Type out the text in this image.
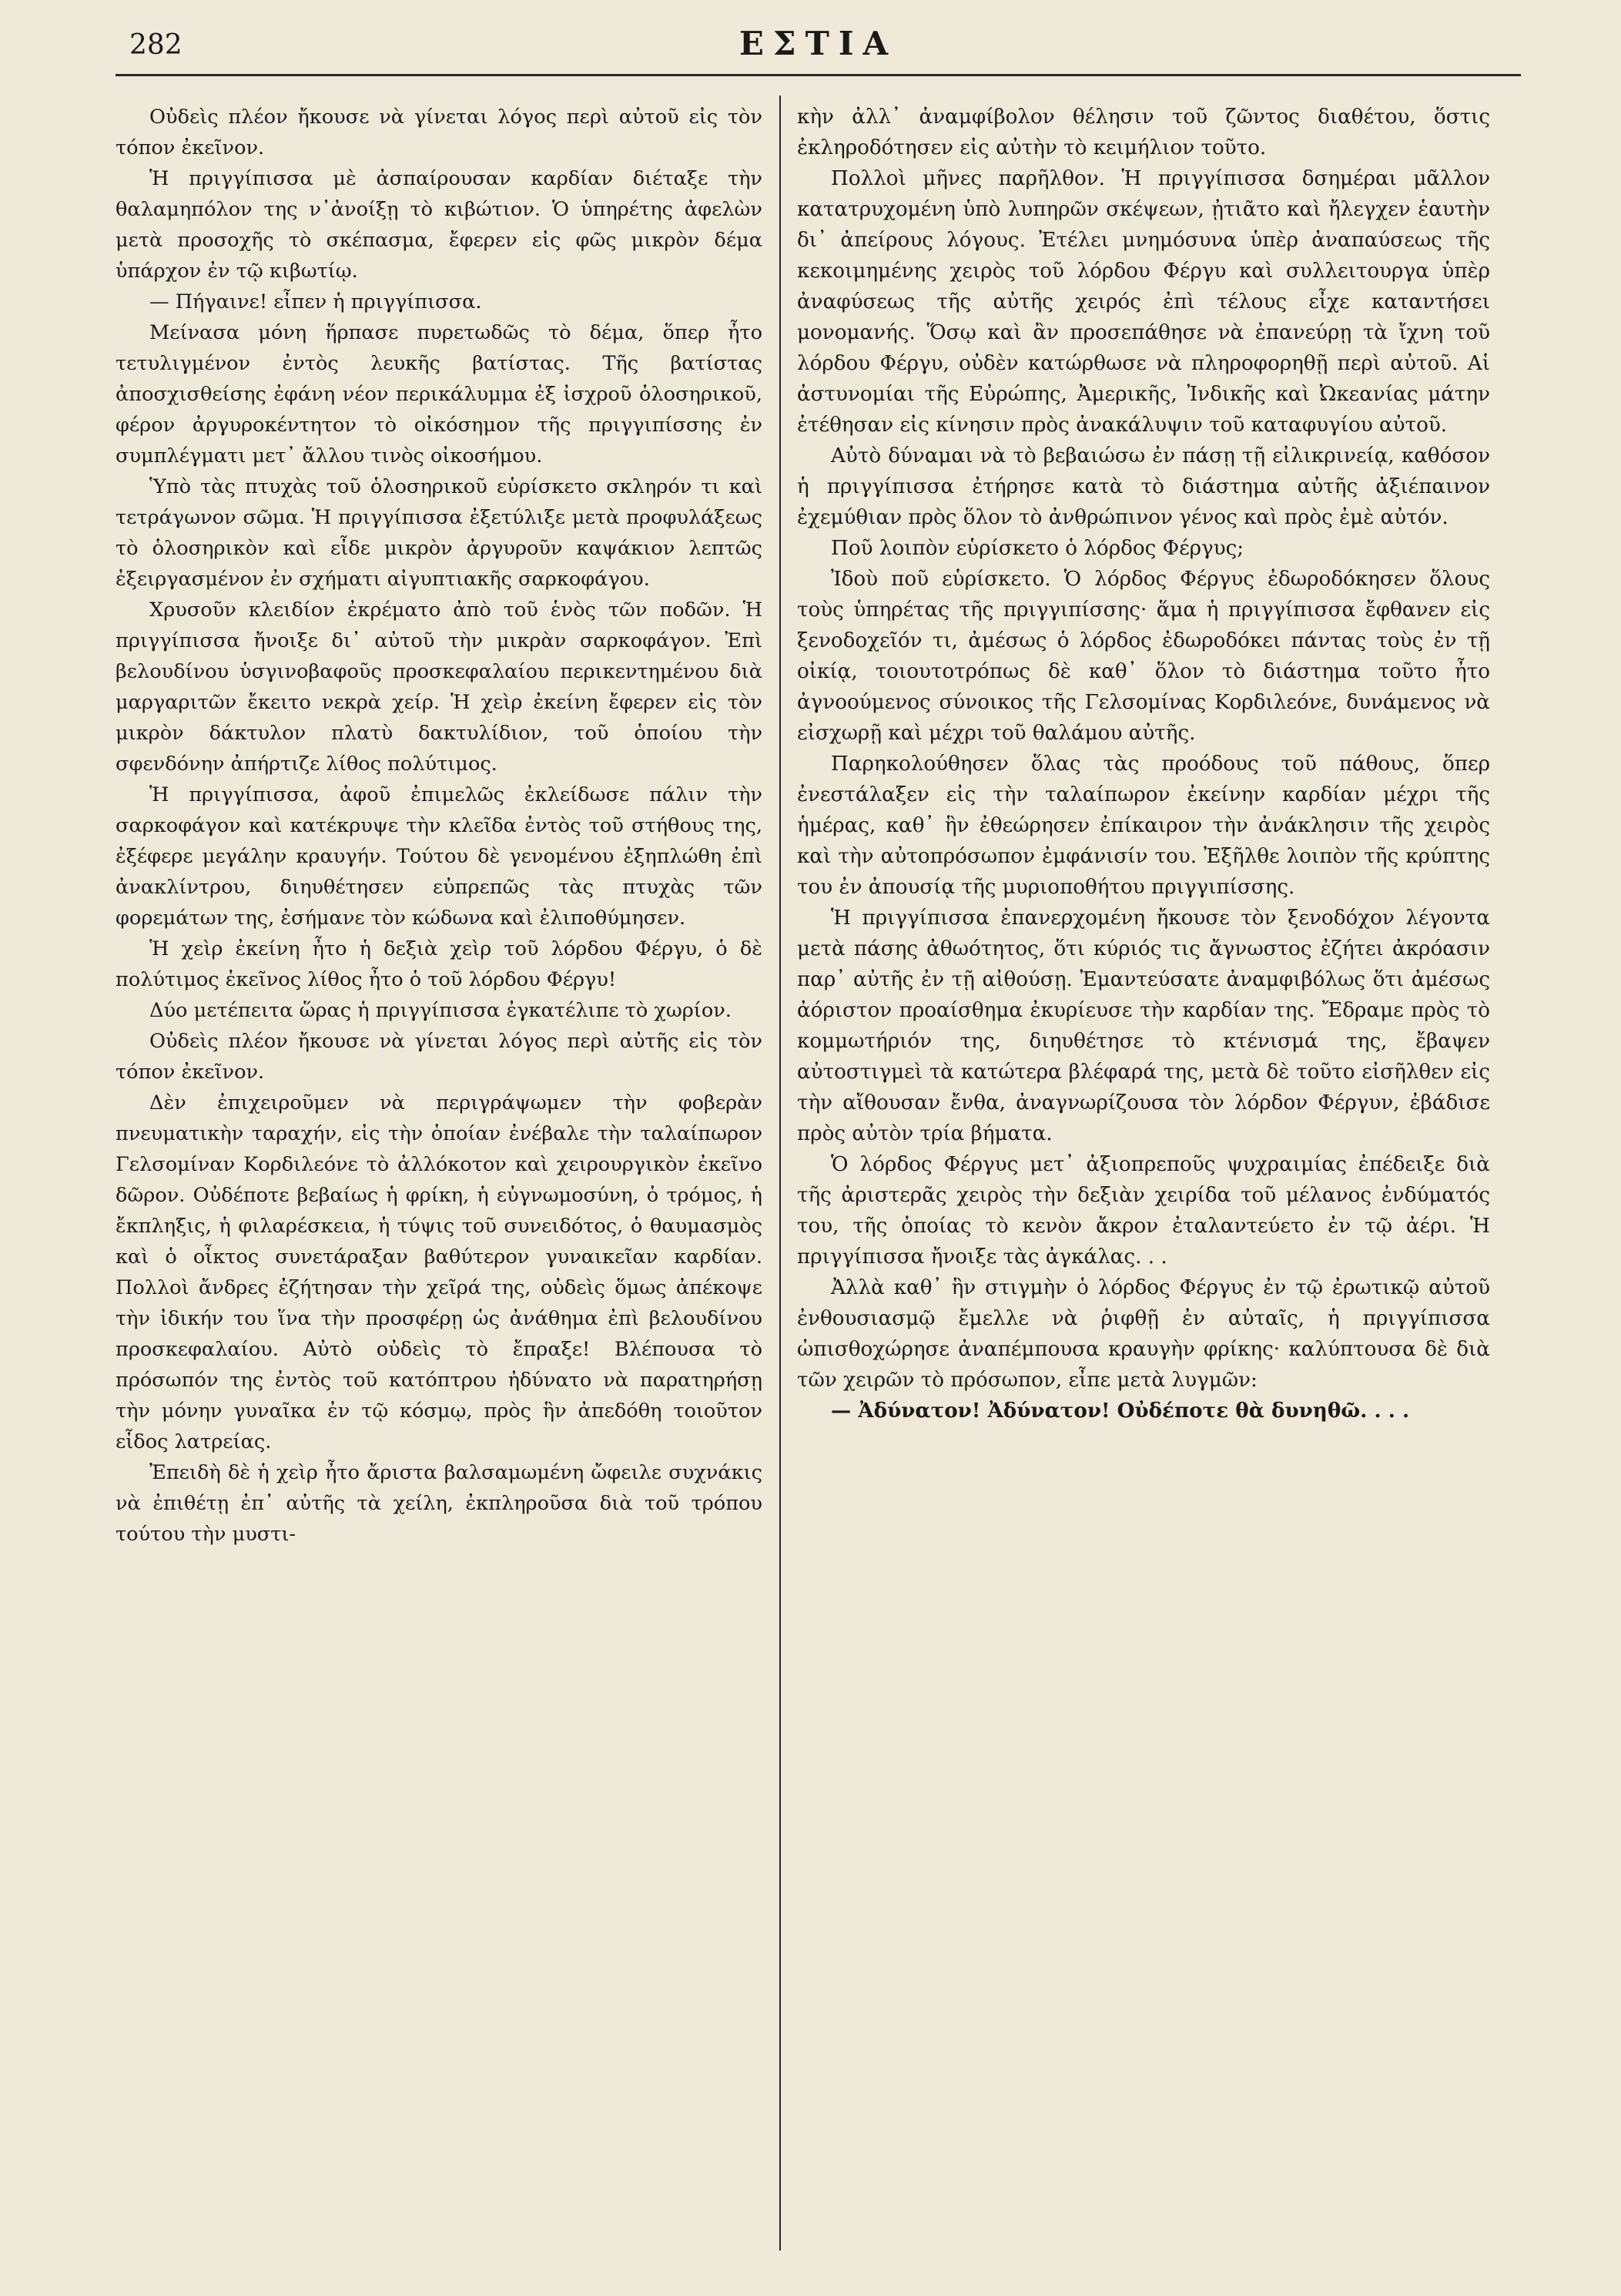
282	ΕΣΤΙΑ

Οὐδεὶς πλέον ἤκουσε νὰ γίνεται λόγος περὶ αὐτοῦ εἰς τὸν τόπον ἐκεῖνον.

Ἡ πριγγίπισσα μὲ ἀσπαίρουσαν καρδίαν διέταξε τὴν θαλαμηπόλον της ν᾽ἀνοίξῃ τὸ κιβώτιον. Ὁ ὑπηρέτης ἀφελὼν μετὰ προσοχῆς τὸ σκέπασμα, ἔφερεν εἰς φῶς μικρὸν δέμα ὑπάρχον ἐν τῷ κιβωτίῳ.

— Πήγαινε! εἶπεν ἡ πριγγίπισσα.

Μείνασα μόνη ἥρπασε πυρετωδῶς τὸ δέμα, ὅπερ ἦτο τετυλιγμένον ἐντὸς λευκῆς βατίστας. Τῆς βατίστας ἀποσχισθείσης ἐφάνη νέον περικάλυμμα ἐξ ἰσχροῦ ὁλοσηρικοῦ, φέρον ἀργυροκέντητον τὸ οἰκόσημον τῆς πριγγιπίσσης ἐν συμπλέγματι μετ᾽ ἄλλου τινὸς οἰκοσήμου.

Ὑπὸ τὰς πτυχὰς τοῦ ὁλοσηρικοῦ εὑρίσκετο σκληρόν τι καὶ τετράγωνον σῶμα. Ἡ πριγγίπισσα ἐξετύλιξε μετὰ προφυλάξεως τὸ ὁλοσηρικὸν καὶ εἶδε μικρὸν ἀργυροῦν καψάκιον λεπτῶς ἐξειργασμένον ἐν σχήματι αἰγυπτιακῆς σαρκοφάγου.

Χρυσοῦν κλειδίον ἐκρέματο ἀπὸ τοῦ ἑνὸς τῶν ποδῶν. Ἡ πριγγίπισσα ἤνοιξε δι᾽ αὐτοῦ τὴν μικρὰν σαρκοφάγον. Ἐπὶ βελουδίνου ὑσγινοβαφοῦς προσκεφαλαίου περικεντημένου διὰ μαργαριτῶν ἔκειτο νεκρὰ χείρ. Ἡ χεὶρ ἐκείνη ἔφερεν εἰς τὸν μικρὸν δάκτυλον πλατὺ δακτυλίδιον, τοῦ ὁποίου τὴν σφενδόνην ἀπήρτιζε λίθος πολύτιμος.

Ἡ πριγγίπισσα, ἀφοῦ ἐπιμελῶς ἐκλείδωσε πάλιν τὴν σαρκοφάγον καὶ κατέκρυψε τὴν κλεῖδα ἐντὸς τοῦ στήθους της, ἐξέφερε μεγάλην κραυγήν. Τούτου δὲ γενομένου ἐξηπλώθη ἐπὶ ἀνακλίντρου, διηυθέτησεν εὐπρεπῶς τὰς πτυχὰς τῶν φορεμάτων της, ἐσήμανε τὸν κώδωνα καὶ ἐλιποθύμησεν.

Ἡ χεὶρ ἐκείνη ἦτο ἡ δεξιὰ χεὶρ τοῦ λόρδου Φέργυ, ὁ δὲ πολύτιμος ἐκεῖνος λίθος ἦτο ὁ τοῦ λόρδου Φέργυ!

Δύο μετέπειτα ὥρας ἡ πριγγίπισσα ἐγκατέλιπε τὸ χωρίον.

Οὐδεὶς πλέον ἤκουσε νὰ γίνεται λόγος περὶ αὐτῆς εἰς τὸν τόπον ἐκεῖνον.

Δὲν ἐπιχειροῦμεν νὰ περιγράψωμεν τὴν φοβερὰν πνευματικὴν ταραχήν, εἰς τὴν ὁποίαν ἐνέβαλε τὴν ταλαίπωρον Γελσομίναν Κορδιλεόνε τὸ ἀλλόκοτον καὶ χειρουργικὸν ἐκεῖνο δῶρον. Οὐδέποτε βεβαίως ἡ φρίκη, ἡ εὐγνωμοσύνη, ὁ τρόμος, ἡ ἔκπληξις, ἡ φιλαρέσκεια, ἡ τύψις τοῦ συνειδότος, ὁ θαυμασμὸς καὶ ὁ οἶκτος συνετάραξαν βαθύτερον γυναικεῖαν καρδίαν. Πολλοὶ ἄνδρες ἐζήτησαν τὴν χεῖρά της, οὐδεὶς ὅμως ἀπέκοψε τὴν ἰδικήν του ἵνα τὴν προσφέρῃ ὡς ἀνάθημα ἐπὶ βελουδίνου προσκεφαλαίου. Αὐτὸ οὐδεὶς τὸ ἔπραξε! Βλέπουσα τὸ πρόσωπόν της ἐντὸς τοῦ κατόπτρου ἠδύνατο νὰ παρατηρήσῃ τὴν μόνην γυναῖκα ἐν τῷ κόσμῳ, πρὸς ἣν ἀπεδόθη τοιοῦτον εἶδος λατρείας.

Ἐπειδὴ δὲ ἡ χεὶρ ἦτο ἄριστα βαλσαμωμένη ὤφειλε συχνάκις νὰ ἐπιθέτῃ ἐπ᾽ αὐτῆς τὰ χείλη, ἐκπληροῦσα διὰ τοῦ τρόπου τούτου τὴν μυστι-

κὴν ἀλλ᾽ ἀναμφίβολον θέλησιν τοῦ ζῶντος διαθέτου, ὅστις ἐκληροδότησεν εἰς αὐτὴν τὸ κειμήλιον τοῦτο.

Πολλοὶ μῆνες παρῆλθον. Ἡ πριγγίπισσα δσημέραι μᾶλλον κατατρυχομένη ὑπὸ λυπηρῶν σκέψεων, ᾐτιᾶτο καὶ ἤλεγχεν ἑαυτὴν δι᾽ ἀπείρους λόγους. Ἐτέλει μνημόσυνα ὑπὲρ ἀναπαύσεως τῆς κεκοιμημένης χειρὸς τοῦ λόρδου Φέργυ καὶ συλλειτουργα ὑπὲρ ἀναφύσεως τῆς αὐτῆς χειρός ἐπὶ τέλους εἶχε καταντήσει μονομανής. Ὅσῳ καὶ ἂν προσεπάθησε νὰ ἐπανεύρῃ τὰ ἴχνη τοῦ λόρδου Φέργυ, οὐδὲν κατώρθωσε νὰ πληροφορηθῇ περὶ αὐτοῦ. Αἱ ἀστυνομίαι τῆς Εὐρώπης, Ἀμερικῆς, Ἰνδικῆς καὶ Ὠκεανίας μάτην ἐτέθησαν εἰς κίνησιν πρὸς ἀνακάλυψιν τοῦ καταφυγίου αὐτοῦ.

Αὐτὸ δύναμαι νὰ τὸ βεβαιώσω ἐν πάσῃ τῇ εἰλικρινείᾳ, καθόσον ἡ πριγγίπισσα ἐτήρησε κατὰ τὸ διάστημα αὐτῆς ἀξιέπαινον ἐχεμύθιαν πρὸς ὅλον τὸ ἀνθρώπινον γένος καὶ πρὸς ἐμὲ αὐτόν.

Ποῦ λοιπὸν εὑρίσκετο ὁ λόρδος Φέργυς;

Ἰδοὺ ποῦ εὑρίσκετο. Ὁ λόρδος Φέργυς ἐδωροδόκησεν ὅλους τοὺς ὑπηρέτας τῆς πριγγιπίσσης· ἅμα ἡ πριγγίπισσα ἔφθανεν εἰς ξενοδοχεῖόν τι, ἀμέσως ὁ λόρδος ἐδωροδόκει πάντας τοὺς ἐν τῇ οἰκίᾳ, τοιουτοτρόπως δὲ καθ᾽ ὅλον τὸ διάστημα τοῦτο ἦτο ἀγνοούμενος σύνοικος τῆς Γελσομίνας Κορδιλεόνε, δυνάμενος νὰ εἰσχωρῇ καὶ μέχρι τοῦ θαλάμου αὐτῆς.

Παρηκολούθησεν ὅλας τὰς προόδους τοῦ πάθους, ὅπερ ἐνεστάλαξεν εἰς τὴν ταλαίπωρον ἐκείνην καρδίαν μέχρι τῆς ἡμέρας, καθ᾽ ἣν ἐθεώρησεν ἐπίκαιρον τὴν ἀνάκλησιν τῆς χειρὸς καὶ τὴν αὐτοπρόσωπον ἐμφάνισίν του. Ἐξῆλθε λοιπὸν τῆς κρύπτης του ἐν ἀπουσίᾳ τῆς μυριοποθήτου πριγγιπίσσης.

Ἡ πριγγίπισσα ἐπανερχομένη ἤκουσε τὸν ξενοδόχον λέγοντα μετὰ πάσης ἀθωότητος, ὅτι κύριός τις ἄγνωστος ἐζήτει ἀκρόασιν παρ᾽ αὐτῆς ἐν τῇ αἰθούσῃ. Ἐμαντεύσατε ἀναμφιβόλως ὅτι ἀμέσως ἀόριστον προαίσθημα ἐκυρίευσε τὴν καρδίαν της. Ἔδραμε πρὸς τὸ κομμωτήριόν της, διηυθέτησε τὸ κτένισμά της, ἔβαψεν αὐτοστιγμεὶ τὰ κατώτερα βλέφαρά της, μετὰ δὲ τοῦτο εἰσῆλθεν εἰς τὴν αἴθουσαν ἔνθα, ἀναγνωρίζουσα τὸν λόρδον Φέργυν, ἐβάδισε πρὸς αὐτὸν τρία βήματα.

Ὁ λόρδος Φέργυς μετ᾽ ἀξιοπρεποῦς ψυχραιμίας ἐπέδειξε διὰ τῆς ἀριστερᾶς χειρὸς τὴν δεξιὰν χειρίδα τοῦ μέλανος ἐνδύματός του, τῆς ὁποίας τὸ κενὸν ἄκρον ἐταλαντεύετο ἐν τῷ ἀέρι. Ἡ πριγγίπισσα ἤνοιξε τὰς ἀγκάλας. . .

Ἀλλὰ καθ᾽ ἣν στιγμὴν ὁ λόρδος Φέργυς ἐν τῷ ἐρωτικῷ αὐτοῦ ἐνθουσιασμῷ ἔμελλε νὰ ῥιφθῇ ἐν αὐταῖς, ἡ πριγγίπισσα ὠπισθοχώρησε ἀναπέμπουσα κραυγὴν φρίκης· καλύπτουσα δὲ διὰ τῶν χειρῶν τὸ πρόσωπον, εἶπε μετὰ λυγμῶν:

— Ἀδύνατον! Ἀδύνατον! Οὐδέποτε θὰ δυνηθῶ. . . .
